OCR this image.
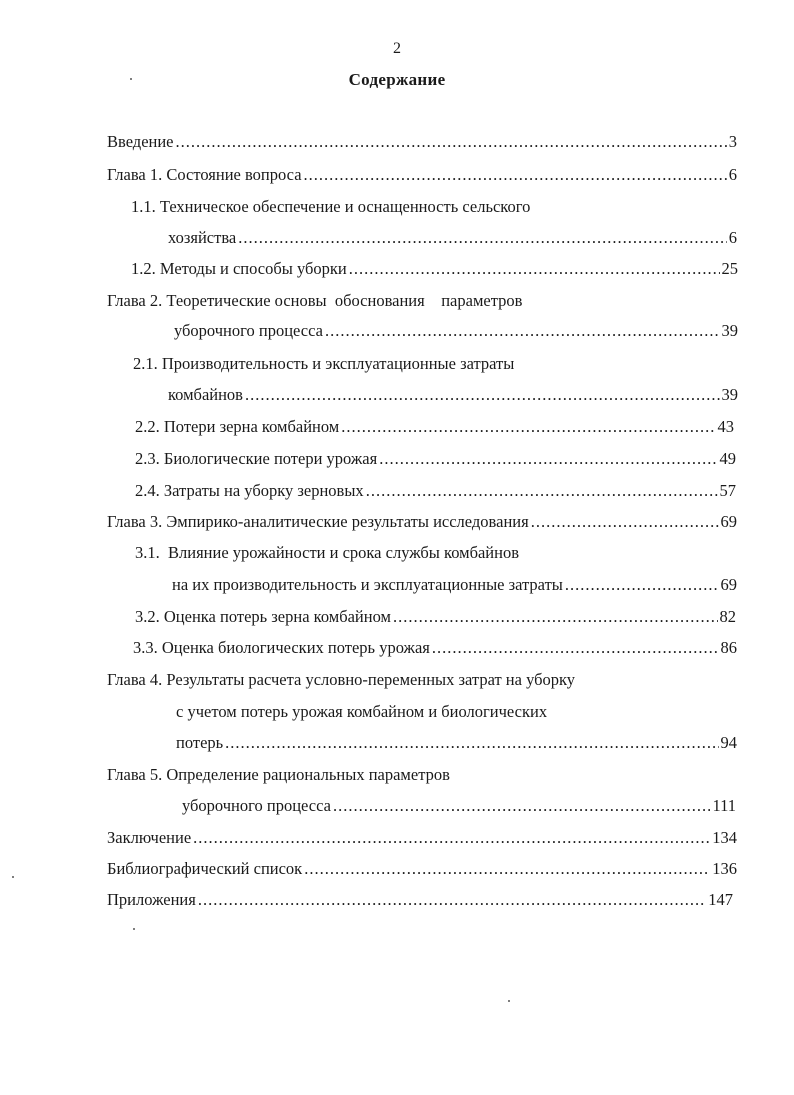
2
Содержание
Введение .....	3
Глава 1. Состояние вопроса .....	6
1.1. Техническое обеспечение и оснащенность сельского
хозяйства .....	6
1.2. Методы и способы уборки .....	25
Глава 2. Теоретические основы  обоснования    параметров
уборочного процесса .....	39
2.1. Производительность и эксплуатационные затраты
комбайнов .....	39
2.2. Потери зерна комбайном .....	43
2.3. Биологические потери урожая .....	49
2.4. Затраты на уборку зерновых .....	57
Глава 3. Эмпирико-аналитические результаты исследования .....	69
3.1.  Влияние урожайности и срока службы комбайнов
на их производительность и эксплуатационные затраты .....	69
3.2. Оценка потерь зерна комбайном .....	82
3.3. Оценка биологических потерь урожая .....	86
Глава 4. Результаты расчета условно-переменных затрат на уборку
с учетом потерь урожая комбайном и биологических
потерь .....	94
Глава 5. Определение рациональных параметров
уборочного процесса .....	111
Заключение .....	134
Библиографический список .....	136
Приложения .....	147
